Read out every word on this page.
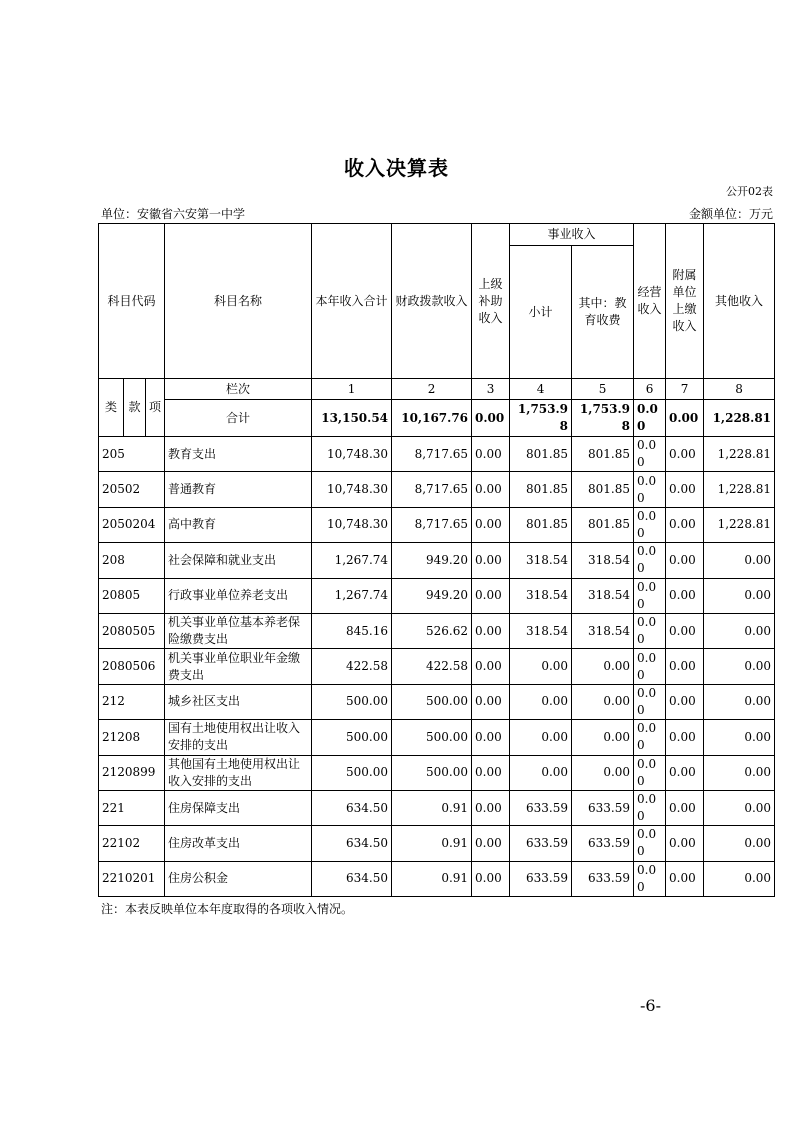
收入决算表
公开02表
单位：安徽省六安第一中学	金额单位：万元
科目代码			科目名称	本年收入合计	财政拨款收入	上级补助收入	事业收入		经营收入	附属单位上缴收入	其他收入
							小计	其中：教育收费			
类	款	项	栏次	1	2	3	4	5	6	7	8
			合计	13,150.54	10,167.76	0.00	1,753.98	1,753.98	0.00	0.00	1,228.81
205			教育支出	10,748.30	8,717.65	0.00	801.85	801.85	0.00	0.00	1,228.81
20502			普通教育	10,748.30	8,717.65	0.00	801.85	801.85	0.00	0.00	1,228.81
2050204			高中教育	10,748.30	8,717.65	0.00	801.85	801.85	0.00	0.00	1,228.81
208			社会保障和就业支出	1,267.74	949.20	0.00	318.54	318.54	0.00	0.00	0.00
20805			行政事业单位养老支出	1,267.74	949.20	0.00	318.54	318.54	0.00	0.00	0.00
2080505			机关事业单位基本养老保险缴费支出	845.16	526.62	0.00	318.54	318.54	0.00	0.00	0.00
2080506			机关事业单位职业年金缴费支出	422.58	422.58	0.00	0.00	0.00	0.00	0.00	0.00
212			城乡社区支出	500.00	500.00	0.00	0.00	0.00	0.00	0.00	0.00
21208			国有土地使用权出让收入安排的支出	500.00	500.00	0.00	0.00	0.00	0.00	0.00	0.00
2120899			其他国有土地使用权出让收入安排的支出	500.00	500.00	0.00	0.00	0.00	0.00	0.00	0.00
221			住房保障支出	634.50	0.91	0.00	633.59	633.59	0.00	0.00	0.00
22102			住房改革支出	634.50	0.91	0.00	633.59	633.59	0.00	0.00	0.00
2210201			住房公积金	634.50	0.91	0.00	633.59	633.59	0.00	0.00	0.00
注：本表反映单位本年度取得的各项收入情况。
-6-
